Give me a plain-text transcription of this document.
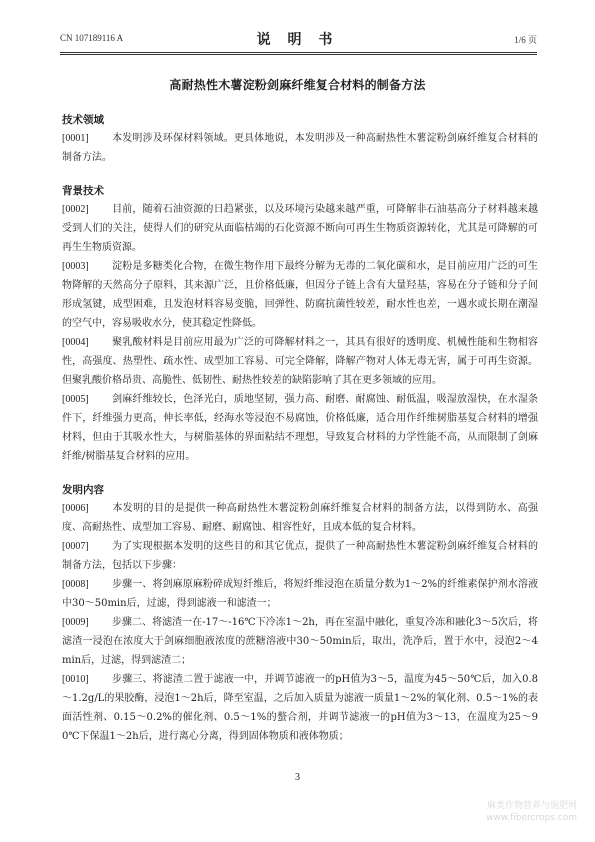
CN 107189116 A	说 明 书	1/6 页
高耐热性木薯淀粉剑麻纤维复合材料的制备方法
技术领域

[0001] 本发明涉及环保材料领域。更具体地说，本发明涉及一种高耐热性木薯淀粉剑麻纤维复合材料的制备方法。

背景技术

[0002] 目前，随着石油资源的日趋紧张，以及环境污染越来越严重，可降解非石油基高分子材料越来越受到人们的关注，使得人们的研究从面临枯竭的石化资源不断向可再生生物质资源转化，尤其是可降解的可再生生物质资源。

[0003] 淀粉是多糖类化合物，在微生物作用下最终分解为无毒的二氧化碳和水，是目前应用广泛的可生物降解的天然高分子原料，其来源广泛，且价格低廉，但因分子链上含有大量羟基，容易在分子链和分子间形成氢键，成型困难，且发泡材料容易变脆，回弹性、防腐抗菌性较差，耐水性也差，一遇水或长期在潮湿的空气中，容易吸收水分，使其稳定性降低。

[0004] 聚乳酸材料是目前应用最为广泛的可降解材料之一，其具有很好的透明度、机械性能和生物相容性，高强度、热塑性、疏水性、成型加工容易、可完全降解，降解产物对人体无毒无害，属于可再生资源。但聚乳酸价格昂贵、高脆性、低韧性、耐热性较差的缺陷影响了其在更多领域的应用。

[0005] 剑麻纤维较长，色泽光白，质地坚韧，强力高、耐磨、耐腐蚀、耐低温，吸湿放湿快，在水湿条件下，纤维强力更高，伸长率低，经海水等浸泡不易腐蚀，价格低廉，适合用作纤维树脂基复合材料的增强材料，但由于其吸水性大，与树脂基体的界面粘结不理想，导致复合材料的力学性能不高，从而限制了剑麻纤维/树脂基复合材料的应用。

发明内容

[0006] 本发明的目的是提供一种高耐热性木薯淀粉剑麻纤维复合材料的制备方法，以得到防水、高强度、高耐热性、成型加工容易、耐磨、耐腐蚀、相容性好，且成本低的复合材料。

[0007] 为了实现根据本发明的这些目的和其它优点，提供了一种高耐热性木薯淀粉剑麻纤维复合材料的制备方法，包括以下步骤：

[0008] 步骤一、将剑麻原麻粉碎成短纤维后，将短纤维浸泡在质量分数为1～2%的纤维素保护剂水溶液中30～50min后，过滤，得到滤液一和滤渣一；

[0009] 步骤二、将滤渣一在-17～-16℃下冷冻1～2h，再在室温中融化，重复冷冻和融化3～5次后，将滤渣一浸泡在浓度大于剑麻细胞液浓度的蔗糖溶液中30～50min后，取出，洗净后，置于水中，浸泡2～4min后，过滤，得到滤渣二；

[0010] 步骤三、将滤渣二置于滤液一中，并调节滤液一的pH值为3～5，温度为45～50℃后，加入0.8～1.2g/L的果胶酶，浸泡1～2h后，降至室温，之后加入质量为滤液一质量1～2%的氧化剂、0.5～1%的表面活性剂、0.15～0.2%的催化剂、0.5～1%的螯合剂，并调节滤液一的pH值为3～13，在温度为25～90℃下保温1～2h后，进行离心分离，得到固体物质和液体物质；

3
麻类作物营养与施肥网
www.fibercrops.com
